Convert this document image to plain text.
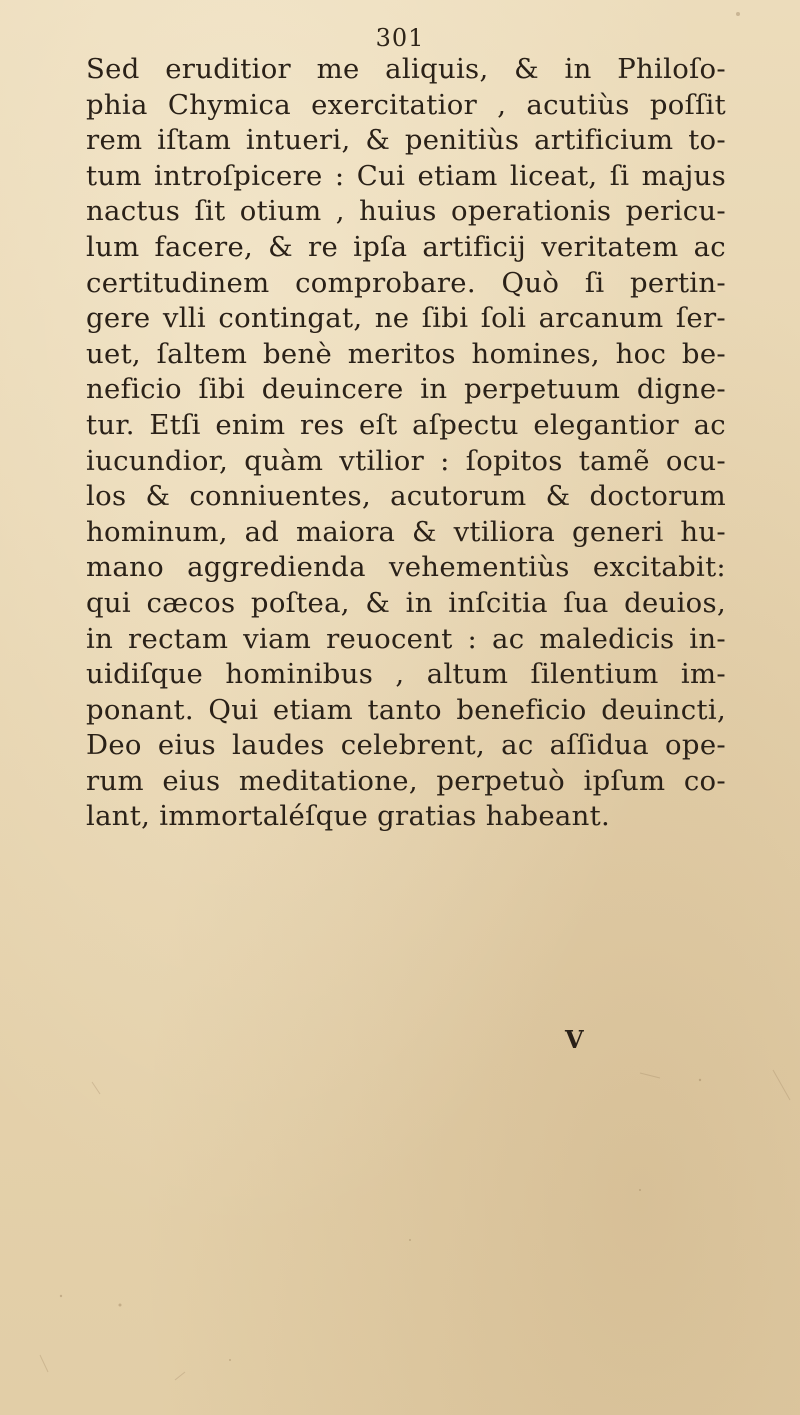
301
Sed eruditior me aliquis, & in Philoſo-
phia Chymica exercitatior , acutiùs poſſit
rem iſtam intueri, & penitiùs artificium to-
tum introſpicere : Cui etiam liceat, ſi majus
nactus ſit otium , huius operationis pericu-
lum facere, & re ipſa artificij veritatem ac
certitudinem comprobare. Quò ſi pertin-
gere vlli contingat, ne ſibi ſoli arcanum ſer-
uet, ſaltem benè meritos homines, hoc be-
neficio ſibi deuincere in perpetuum digne-
tur. Etſi enim res eſt aſpectu elegantior ac
iucundior, quàm vtilior : ſopitos tamẽ ocu-
los & conniuentes, acutorum & doctorum
hominum, ad maiora & vtiliora generi hu-
mano aggredienda vehementiùs excitabit:
qui cæcos poſtea, & in inſcitia ſua deuios,
in rectam viam reuocent : ac maledicis in-
uidiſque hominibus , altum ſilentium im-
ponant. Qui etiam tanto beneficio deuincti,
Deo eius laudes celebrent, ac aſſidua ope-
rum eius meditatione, perpetuò ipſum co-
lant, immortaléſque gratias habeant.
V
